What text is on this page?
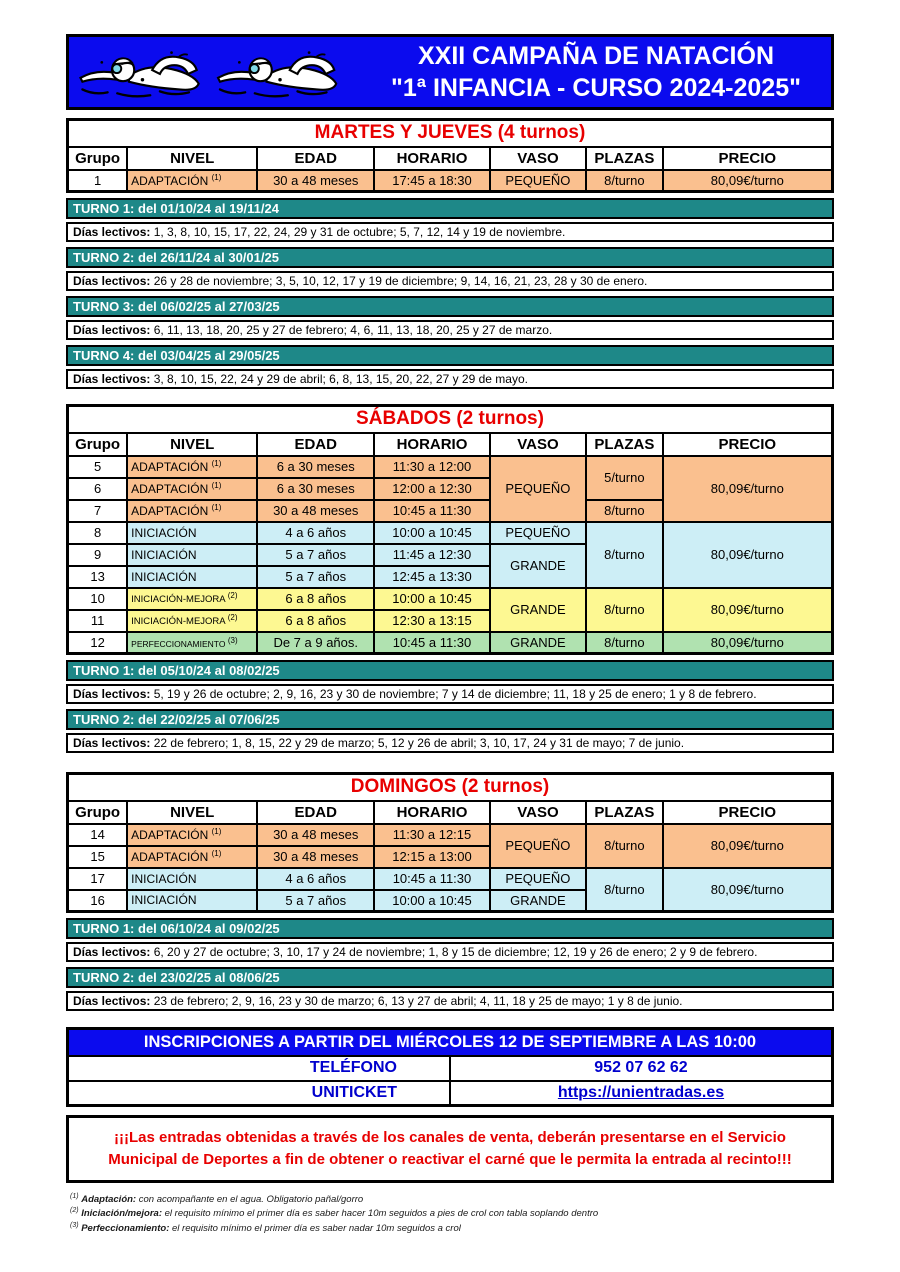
XXII CAMPAÑA DE NATACIÓN
"1ª INFANCIA - CURSO 2024-2025"
MARTES Y JUEVES (4 turnos)						
Grupo	NIVEL	EDAD	HORARIO	VASO	PLAZAS	PRECIO
1	ADAPTACIÓN $^{(1)}$	30 a 48 meses	17:45 a 18:30	PEQUEÑO	8/turno	80,09€/turno
TURNO 1: del 01/10/24 al 19/11/24
Días lectivos: 1, 3, 8, 10, 15, 17, 22, 24, 29 y 31 de octubre; 5, 7, 12, 14 y 19 de noviembre.
TURNO 2: del 26/11/24 al 30/01/25
Días lectivos: 26 y 28 de noviembre; 3, 5, 10, 12, 17 y 19 de diciembre; 9, 14, 16, 21, 23, 28 y 30 de enero.
TURNO 3: del 06/02/25 al 27/03/25
Días lectivos: 6, 11, 13, 18, 20, 25 y 27 de febrero; 4, 6, 11, 13, 18, 20, 25 y 27 de marzo.
TURNO 4: del 03/04/25 al 29/05/25
Días lectivos: 3, 8, 10, 15, 22, 24 y 29 de abril; 6, 8, 13, 15, 20, 22, 27 y 29 de mayo.
SÁBADOS (2 turnos)						
Grupo	NIVEL	EDAD	HORARIO	VASO	PLAZAS	PRECIO
5	ADAPTACIÓN $^{(1)}$	6 a 30 meses	11:30 a 12:00	PEQUEÑO	5/turno	80,09€/turno
6	ADAPTACIÓN $^{(1)}$	6 a 30 meses	12:00 a 12:30			
7	ADAPTACIÓN $^{(1)}$	30 a 48 meses	10:45 a 11:30		8/turno	
8	INICIACIÓN	4 a 6 años	10:00 a 10:45	PEQUEÑO	8/turno	80,09€/turno
9	INICIACIÓN	5 a 7 años	11:45 a 12:30	GRANDE		
13	INICIACIÓN	5 a 7 años	12:45 a 13:30			
10	INICIACIÓN-MEJORA $^{(2)}$	6 a 8 años	10:00 a 10:45	GRANDE	8/turno	80,09€/turno
11	INICIACIÓN-MEJORA $^{(2)}$	6 a 8 años	12:30 a 13:15			
12	PERFECCIONAMIENTO $^{(3)}$	De 7 a 9 años.	10:45 a 11:30	GRANDE	8/turno	80,09€/turno
TURNO 1: del 05/10/24 al 08/02/25
Días lectivos: 5, 19 y 26 de octubre; 2, 9, 16, 23 y 30 de noviembre; 7 y 14 de diciembre; 11, 18 y 25 de enero; 1 y 8 de febrero.
TURNO 2: del 22/02/25 al 07/06/25
Días lectivos: 22 de febrero; 1, 8, 15, 22 y 29 de marzo; 5, 12 y 26 de abril; 3, 10, 17, 24 y 31 de mayo; 7 de junio.
DOMINGOS (2 turnos)						
Grupo	NIVEL	EDAD	HORARIO	VASO	PLAZAS	PRECIO
14	ADAPTACIÓN $^{(1)}$	30 a 48 meses	11:30 a 12:15	PEQUEÑO	8/turno	80,09€/turno
15	ADAPTACIÓN $^{(1)}$	30 a 48 meses	12:15 a 13:00			
17	INICIACIÓN	4 a 6 años	10:45 a 11:30	PEQUEÑO	8/turno	80,09€/turno
16	INICIACIÓN	5 a 7 años	10:00 a 10:45	GRANDE		
TURNO 1: del 06/10/24 al 09/02/25
Días lectivos: 6, 20 y 27 de octubre; 3, 10, 17 y 24 de noviembre; 1, 8 y 15 de diciembre; 12, 19 y 26 de enero; 2 y 9 de febrero.
TURNO 2: del 23/02/25 al 08/06/25
Días lectivos: 23 de febrero; 2, 9, 16, 23 y 30 de marzo; 6, 13 y 27 de abril; 4, 11, 18 y 25 de mayo; 1 y 8 de junio.
INSCRIPCIONES A PARTIR DEL MIÉRCOLES 12 DE SEPTIEMBRE A LAS 10:00	
TELÉFONO	952 07 62 62
UNITICKET	https://unientradas.es
¡¡¡Las entradas obtenidas a través de los canales de venta, deberán presentarse en el Servicio Municipal de Deportes a fin de obtener o reactivar el carné que le permita la entrada al recinto!!!
$^{(1)}$ Adaptación: con acompañante en el agua. Obligatorio pañal/gorro
$^{(2)}$ Iniciación/mejora: el requisito mínimo el primer día es saber hacer 10m seguidos a pies de crol con tabla soplando dentro
$^{(3)}$ Perfeccionamiento: el requisito mínimo el primer día es saber nadar 10m seguidos a crol
